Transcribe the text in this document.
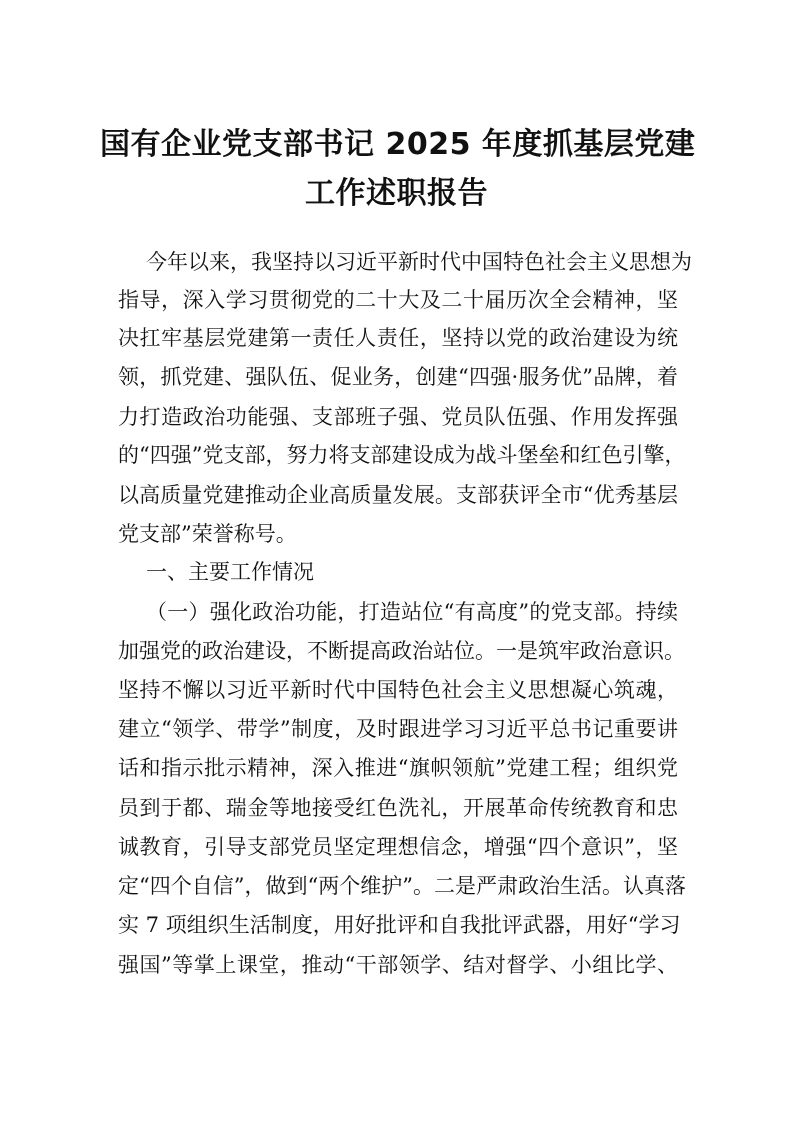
国有企业党支部书记 2025 年度抓基层党建
工作述职报告
今年以来，我坚持以习近平新时代中国特色社会主义思想为
指导，深入学习贯彻党的二十大及二十届历次全会精神，坚
决扛牢基层党建第一责任人责任，坚持以党的政治建设为统
领，抓党建、强队伍、促业务，创建“四强·服务优”品牌，着
力打造政治功能强、支部班子强、党员队伍强、作用发挥强
的“四强”党支部，努力将支部建设成为战斗堡垒和红色引擎，
以高质量党建推动企业高质量发展。支部获评全市“优秀基层
党支部”荣誉称号。
一、主要工作情况
（一）强化政治功能，打造站位“有高度”的党支部。持续
加强党的政治建设，不断提高政治站位。一是筑牢政治意识。
坚持不懈以习近平新时代中国特色社会主义思想凝心筑魂，
建立“领学、带学”制度，及时跟进学习习近平总书记重要讲
话和指示批示精神，深入推进“旗帜领航”党建工程；组织党
员到于都、瑞金等地接受红色洗礼，开展革命传统教育和忠
诚教育，引导支部党员坚定理想信念，增强“四个意识”，坚
定“四个自信”，做到“两个维护”。二是严肃政治生活。认真落
实 7 项组织生活制度，用好批评和自我批评武器，用好“学习
强国”等掌上课堂，推动“干部领学、结对督学、小组比学、
